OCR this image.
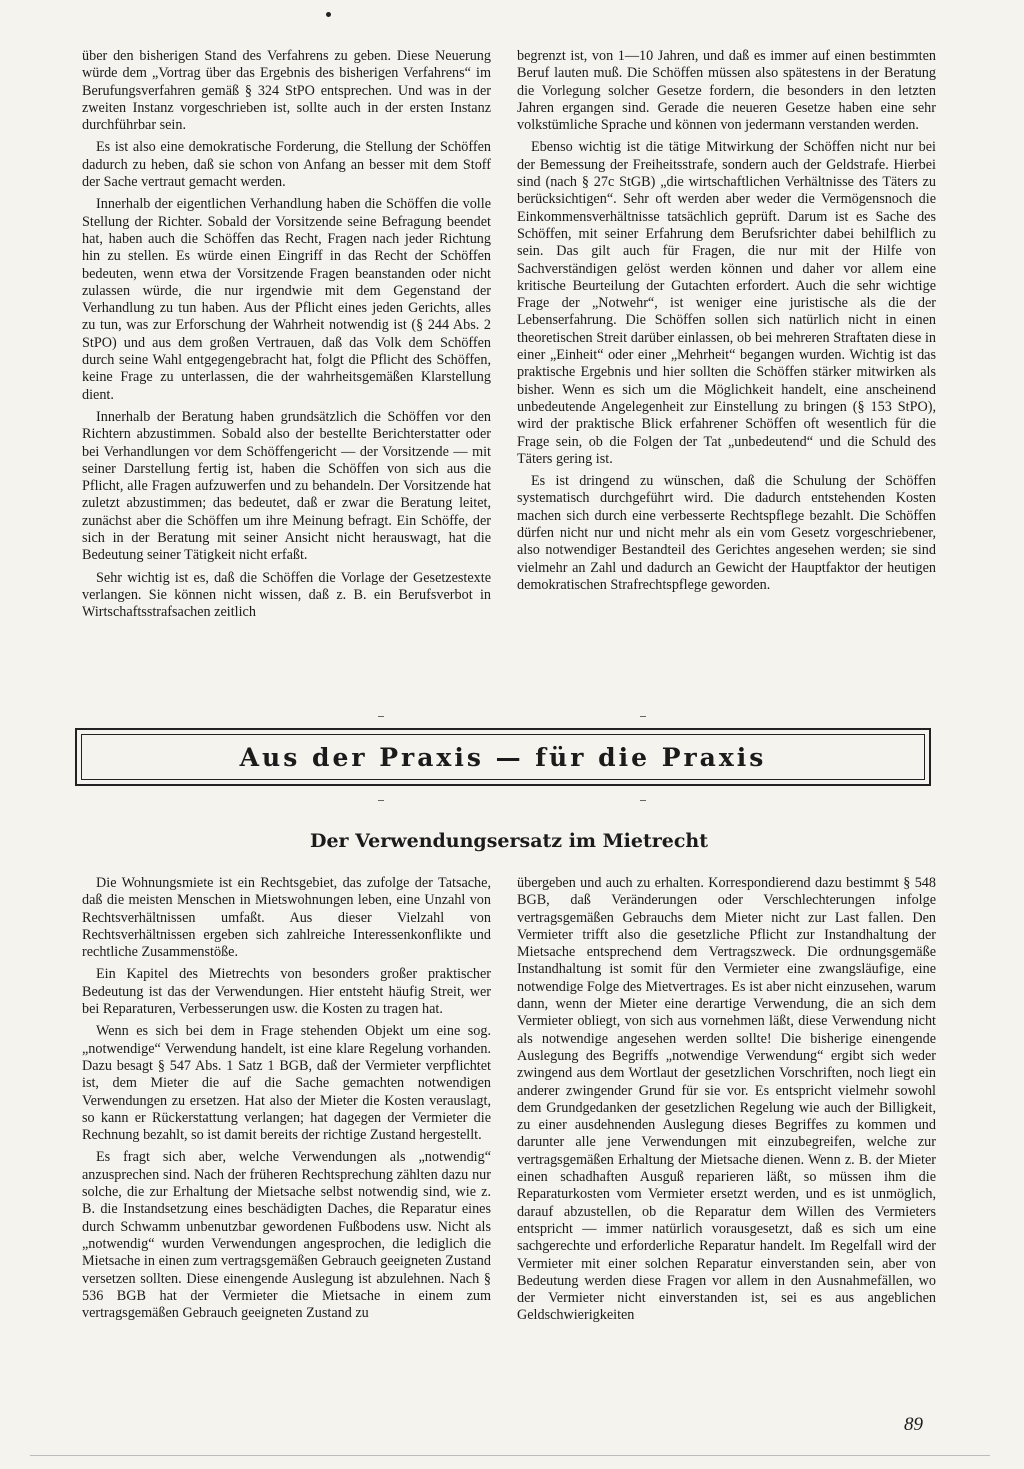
über den bisherigen Stand des Verfahrens zu geben. Diese Neuerung würde dem „Vortrag über das Ergebnis des bisherigen Verfahrens“ im Berufungsverfahren gemäß § 324 StPO entsprechen. Und was in der zweiten Instanz vorgeschrieben ist, sollte auch in der ersten Instanz durchführbar sein.

Es ist also eine demokratische Forderung, die Stellung der Schöffen dadurch zu heben, daß sie schon von Anfang an besser mit dem Stoff der Sache vertraut gemacht werden.

Innerhalb der eigentlichen Verhandlung haben die Schöffen die volle Stellung der Richter. Sobald der Vorsitzende seine Befragung beendet hat, haben auch die Schöffen das Recht, Fragen nach jeder Richtung hin zu stellen. Es würde einen Eingriff in das Recht der Schöffen bedeuten, wenn etwa der Vorsitzende Fragen beanstanden oder nicht zulassen würde, die nur irgendwie mit dem Gegenstand der Verhandlung zu tun haben. Aus der Pflicht eines jeden Gerichts, alles zu tun, was zur Erforschung der Wahrheit notwendig ist (§ 244 Abs. 2 StPO) und aus dem großen Vertrauen, daß das Volk dem Schöffen durch seine Wahl entgegengebracht hat, folgt die Pflicht des Schöffen, keine Frage zu unterlassen, die der wahrheitsgemäßen Klarstellung dient.

Innerhalb der Beratung haben grundsätzlich die Schöffen vor den Richtern abzustimmen. Sobald also der bestellte Berichterstatter oder bei Verhandlungen vor dem Schöffengericht — der Vorsitzende — mit seiner Darstellung fertig ist, haben die Schöffen von sich aus die Pflicht, alle Fragen aufzuwerfen und zu behandeln. Der Vorsitzende hat zuletzt abzustimmen; das bedeutet, daß er zwar die Beratung leitet, zunächst aber die Schöffen um ihre Meinung befragt. Ein Schöffe, der sich in der Beratung mit seiner Ansicht nicht herauswagt, hat die Bedeutung seiner Tätigkeit nicht erfaßt.

Sehr wichtig ist es, daß die Schöffen die Vorlage der Gesetzestexte verlangen. Sie können nicht wissen, daß z. B. ein Berufsverbot in Wirtschaftsstrafsachen zeitlich

begrenzt ist, von 1—10 Jahren, und daß es immer auf einen bestimmten Beruf lauten muß. Die Schöffen müssen also spätestens in der Beratung die Vorlegung solcher Gesetze fordern, die besonders in den letzten Jahren ergangen sind. Gerade die neueren Gesetze haben eine sehr volkstümliche Sprache und können von jedermann verstanden werden.

Ebenso wichtig ist die tätige Mitwirkung der Schöffen nicht nur bei der Bemessung der Freiheitsstrafe, sondern auch der Geldstrafe. Hierbei sind (nach § 27c StGB) „die wirtschaftlichen Verhältnisse des Täters zu berücksichtigen“. Sehr oft werden aber weder die Vermögensnoch die Einkommensverhältnisse tatsächlich geprüft. Darum ist es Sache des Schöffen, mit seiner Erfahrung dem Berufsrichter dabei behilflich zu sein. Das gilt auch für Fragen, die nur mit der Hilfe von Sachverständigen gelöst werden können und daher vor allem eine kritische Beurteilung der Gutachten erfordert. Auch die sehr wichtige Frage der „Notwehr“, ist weniger eine juristische als die der Lebenserfahrung. Die Schöffen sollen sich natürlich nicht in einen theoretischen Streit darüber einlassen, ob bei mehreren Straftaten diese in einer „Einheit“ oder einer „Mehrheit“ begangen wurden. Wichtig ist das praktische Ergebnis und hier sollten die Schöffen stärker mitwirken als bisher. Wenn es sich um die Möglichkeit handelt, eine anscheinend unbedeutende Angelegenheit zur Einstellung zu bringen (§ 153 StPO), wird der praktische Blick erfahrener Schöffen oft wesentlich für die Frage sein, ob die Folgen der Tat „unbedeutend“ und die Schuld des Täters gering ist.

Es ist dringend zu wünschen, daß die Schulung der Schöffen systematisch durchgeführt wird. Die dadurch entstehenden Kosten machen sich durch eine verbesserte Rechtspflege bezahlt. Die Schöffen dürfen nicht nur und nicht mehr als ein vom Gesetz vorgeschriebener, also notwendiger Bestandteil des Gerichtes angesehen werden; sie sind vielmehr an Zahl und dadurch an Gewicht der Hauptfaktor der heutigen demokratischen Strafrechtspflege geworden.

Aus der Praxis — für die Praxis
Der Verwendungsersatz im Mietrecht

Die Wohnungsmiete ist ein Rechtsgebiet, das zufolge der Tatsache, daß die meisten Menschen in Mietswohnungen leben, eine Unzahl von Rechtsverhältnissen umfaßt. Aus dieser Vielzahl von Rechtsverhältnissen ergeben sich zahlreiche Interessenkonflikte und rechtliche Zusammenstöße.

Ein Kapitel des Mietrechts von besonders großer praktischer Bedeutung ist das der Verwendungen. Hier entsteht häufig Streit, wer bei Reparaturen, Verbesserungen usw. die Kosten zu tragen hat.

Wenn es sich bei dem in Frage stehenden Objekt um eine sog. „notwendige“ Verwendung handelt, ist eine klare Regelung vorhanden. Dazu besagt § 547 Abs. 1 Satz 1 BGB, daß der Vermieter verpflichtet ist, dem Mieter die auf die Sache gemachten notwendigen Verwendungen zu ersetzen. Hat also der Mieter die Kosten verauslagt, so kann er Rückerstattung verlangen; hat dagegen der Vermieter die Rechnung bezahlt, so ist damit bereits der richtige Zustand hergestellt.

Es fragt sich aber, welche Verwendungen als „notwendig“ anzusprechen sind. Nach der früheren Rechtsprechung zählten dazu nur solche, die zur Erhaltung der Mietsache selbst notwendig sind, wie z. B. die Instandsetzung eines beschädigten Daches, die Reparatur eines durch Schwamm unbenutzbar gewordenen Fußbodens usw. Nicht als „notwendig“ wurden Verwendungen angesprochen, die lediglich die Mietsache in einen zum vertragsgemäßen Gebrauch geeigneten Zustand versetzen sollten. Diese einengende Auslegung ist abzulehnen. Nach § 536 BGB hat der Vermieter die Mietsache in einem zum vertragsgemäßen Gebrauch geeigneten Zustand zu

übergeben und auch zu erhalten. Korrespondierend dazu bestimmt § 548 BGB, daß Veränderungen oder Verschlechterungen infolge vertragsgemäßen Gebrauchs dem Mieter nicht zur Last fallen. Den Vermieter trifft also die gesetzliche Pflicht zur Instandhaltung der Mietsache entsprechend dem Vertragszweck. Die ordnungsgemäße Instandhaltung ist somit für den Vermieter eine zwangsläufige, eine notwendige Folge des Mietvertrages. Es ist aber nicht einzusehen, warum dann, wenn der Mieter eine derartige Verwendung, die an sich dem Vermieter obliegt, von sich aus vornehmen läßt, diese Verwendung nicht als notwendige angesehen werden sollte! Die bisherige einengende Auslegung des Begriffs „notwendige Verwendung“ ergibt sich weder zwingend aus dem Wortlaut der gesetzlichen Vorschriften, noch liegt ein anderer zwingender Grund für sie vor. Es entspricht vielmehr sowohl dem Grundgedanken der gesetzlichen Regelung wie auch der Billigkeit, zu einer ausdehnenden Auslegung dieses Begriffes zu kommen und darunter alle jene Verwendungen mit einzubegreifen, welche zur vertragsgemäßen Erhaltung der Mietsache dienen. Wenn z. B. der Mieter einen schadhaften Ausguß reparieren läßt, so müssen ihm die Reparaturkosten vom Vermieter ersetzt werden, und es ist unmöglich, darauf abzustellen, ob die Reparatur dem Willen des Vermieters entspricht — immer natürlich vorausgesetzt, daß es sich um eine sachgerechte und erforderliche Reparatur handelt. Im Regelfall wird der Vermieter mit einer solchen Reparatur einverstanden sein, aber von Bedeutung werden diese Fragen vor allem in den Ausnahmefällen, wo der Vermieter nicht einverstanden ist, sei es aus angeblichen Geldschwierigkeiten

89
